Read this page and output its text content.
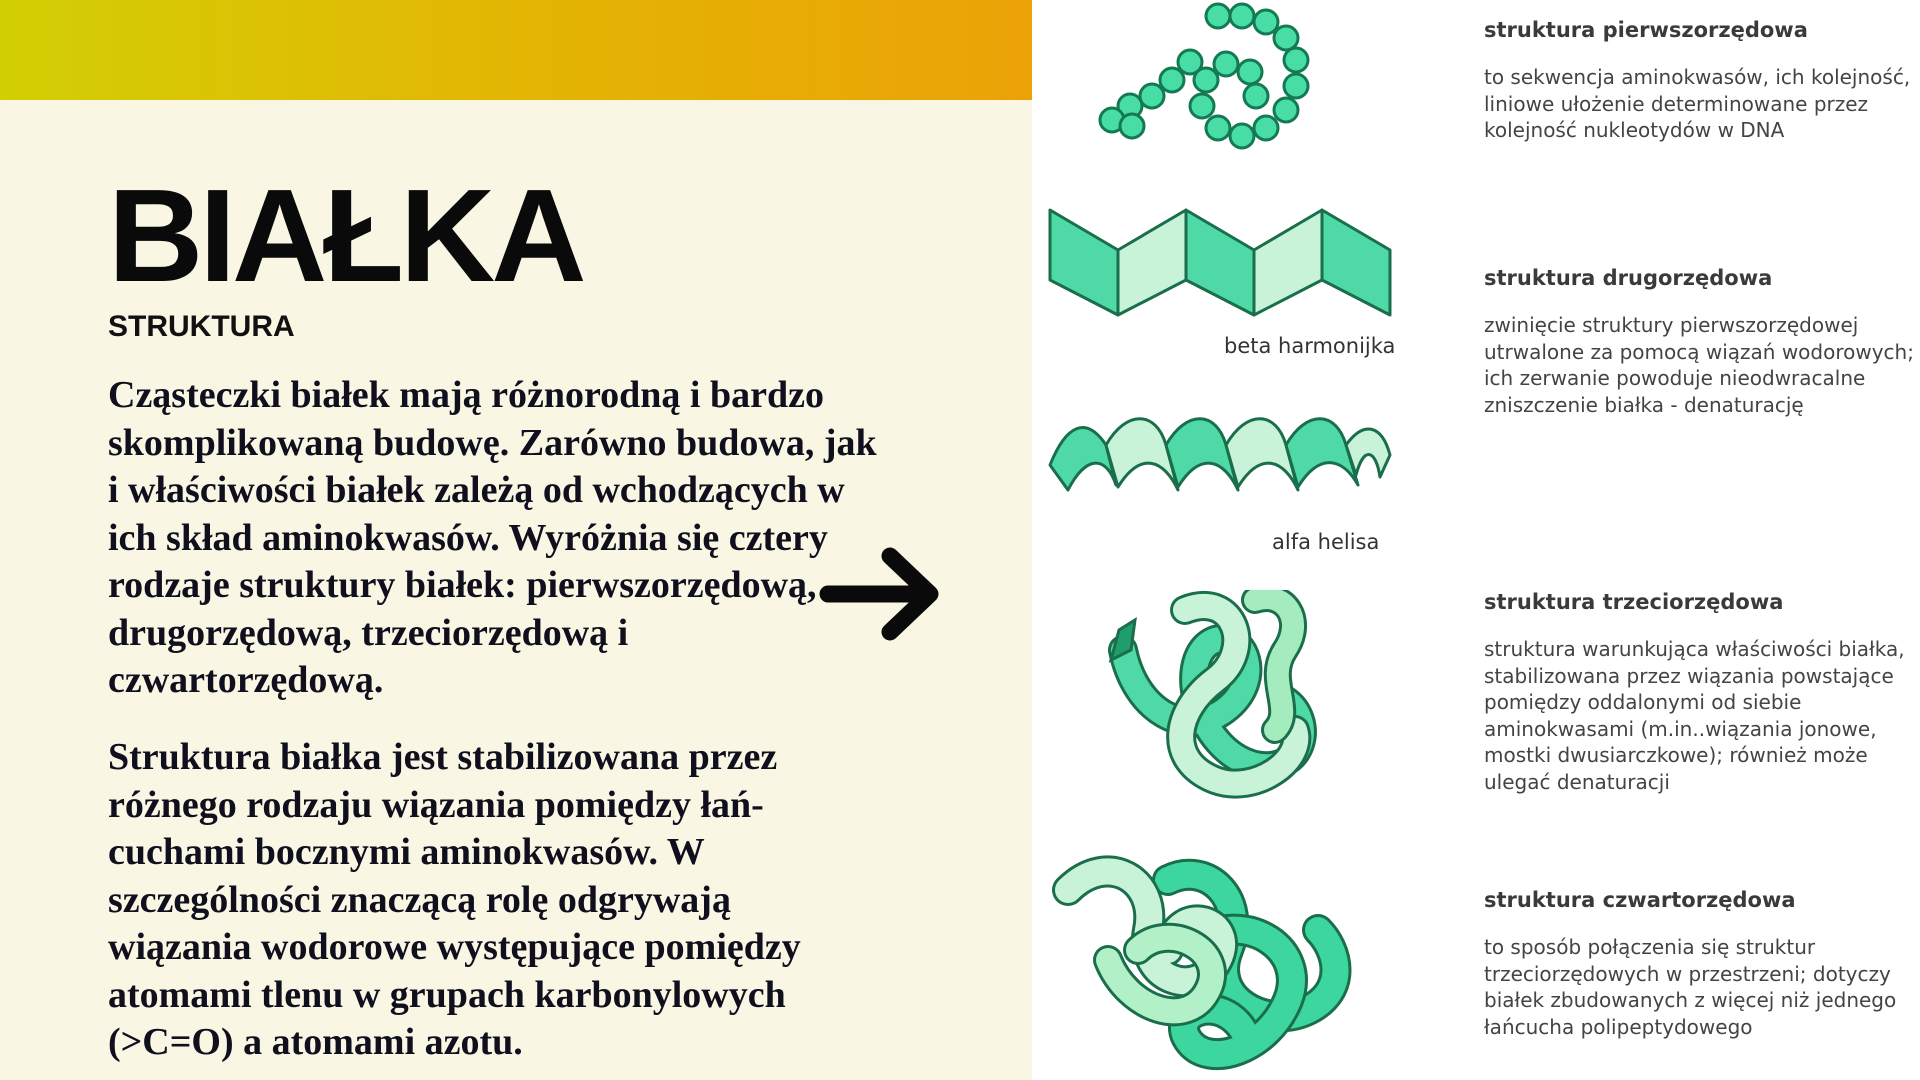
BIAŁKA
STRUKTURA

Cząsteczki białek mają różnorodną i bardzo skomplikowaną budowę. Zarówno budowa, jak i właściwości białek zależą od wchodzących w ich skład aminokwasów. Wyróżnia się cztery rodzaje struktury białek: pierwszorzędową, drugorzędową, trzeciorzędową i czwartorzędową.

Struktura białka jest stabilizowana przez różnego rodzaju wiązania pomiędzy łań-cuchami bocznymi aminokwasów. W szczególności znaczącą rolę odgrywają wiązania wodorowe występujące pomiędzy atomami tlenu w grupach karbonylowych (>C=O) a atomami azotu.

beta harmonijka

alfa helisa

struktura pierwszorzędowa

to sekwencja aminokwasów, ich kolejność, liniowe ułożenie determinowane przez kolejność nukleotydów w DNA

struktura drugorzędowa

zwinięcie struktury pierwszorzędowej utrwalone za pomocą wiązań wodorowych; ich zerwanie powoduje nieodwracalne zniszczenie białka - denaturację

struktura trzeciorzędowa

struktura warunkująca właściwości białka, stabilizowana przez wiązania powstające pomiędzy oddalonymi od siebie aminokwasami (m.in..wiązania jonowe, mostki dwusiarczkowe); również może ulegać denaturacji

struktura czwartorzędowa

to sposób połączenia się struktur trzeciorzędowych w przestrzeni; dotyczy białek zbudowanych z więcej niż jednego łańcucha polipeptydowego
